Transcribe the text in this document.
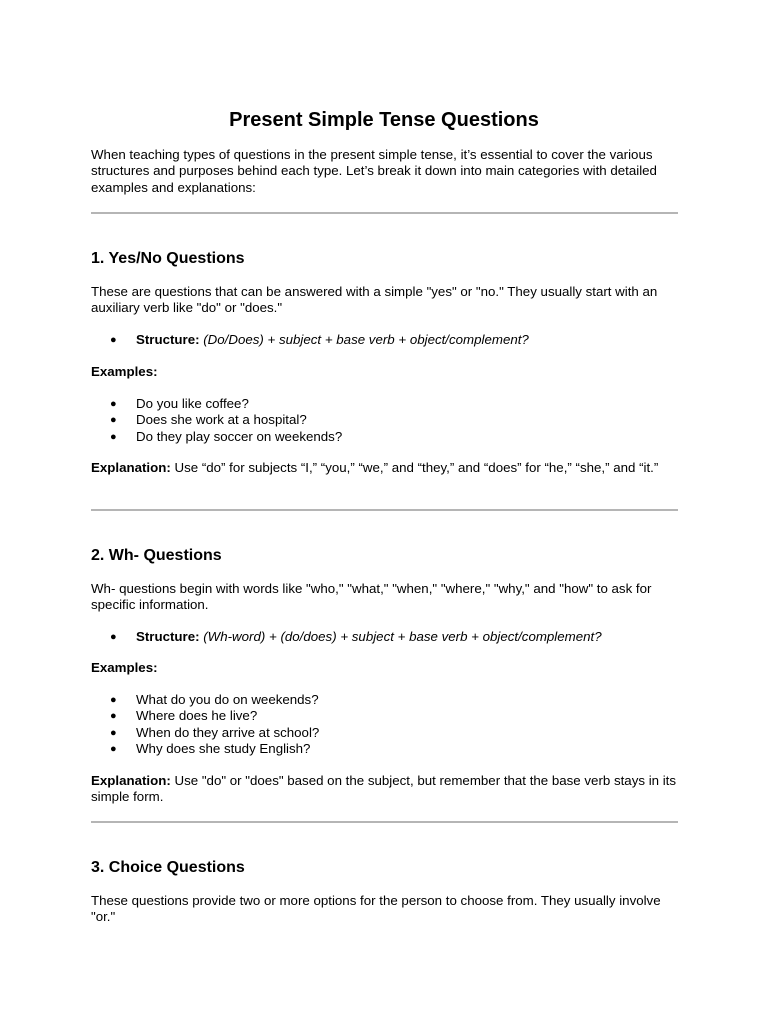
Present Simple Tense Questions

When teaching types of questions in the present simple tense, it’s essential to cover the various structures and purposes behind each type. Let’s break it down into main categories with detailed examples and explanations:

1. Yes/No Questions

These are questions that can be answered with a simple "yes" or "no." They usually start with an auxiliary verb like "do" or "does."

● Structure: (Do/Does) + subject + base verb + object/complement?

Examples:

● Do you like coffee?
● Does she work at a hospital?
● Do they play soccer on weekends?

Explanation: Use “do” for subjects “I,” “you,” “we,” and “they,” and “does” for “he,” “she,” and “it.”

2. Wh- Questions

Wh- questions begin with words like "who," "what," "when," "where," "why," and "how" to ask for specific information.

● Structure: (Wh-word) + (do/does) + subject + base verb + object/complement?

Examples:

● What do you do on weekends?
● Where does he live?
● When do they arrive at school?
● Why does she study English?

Explanation: Use "do" or "does" based on the subject, but remember that the base verb stays in its simple form.

3. Choice Questions

These questions provide two or more options for the person to choose from. They usually involve "or."
